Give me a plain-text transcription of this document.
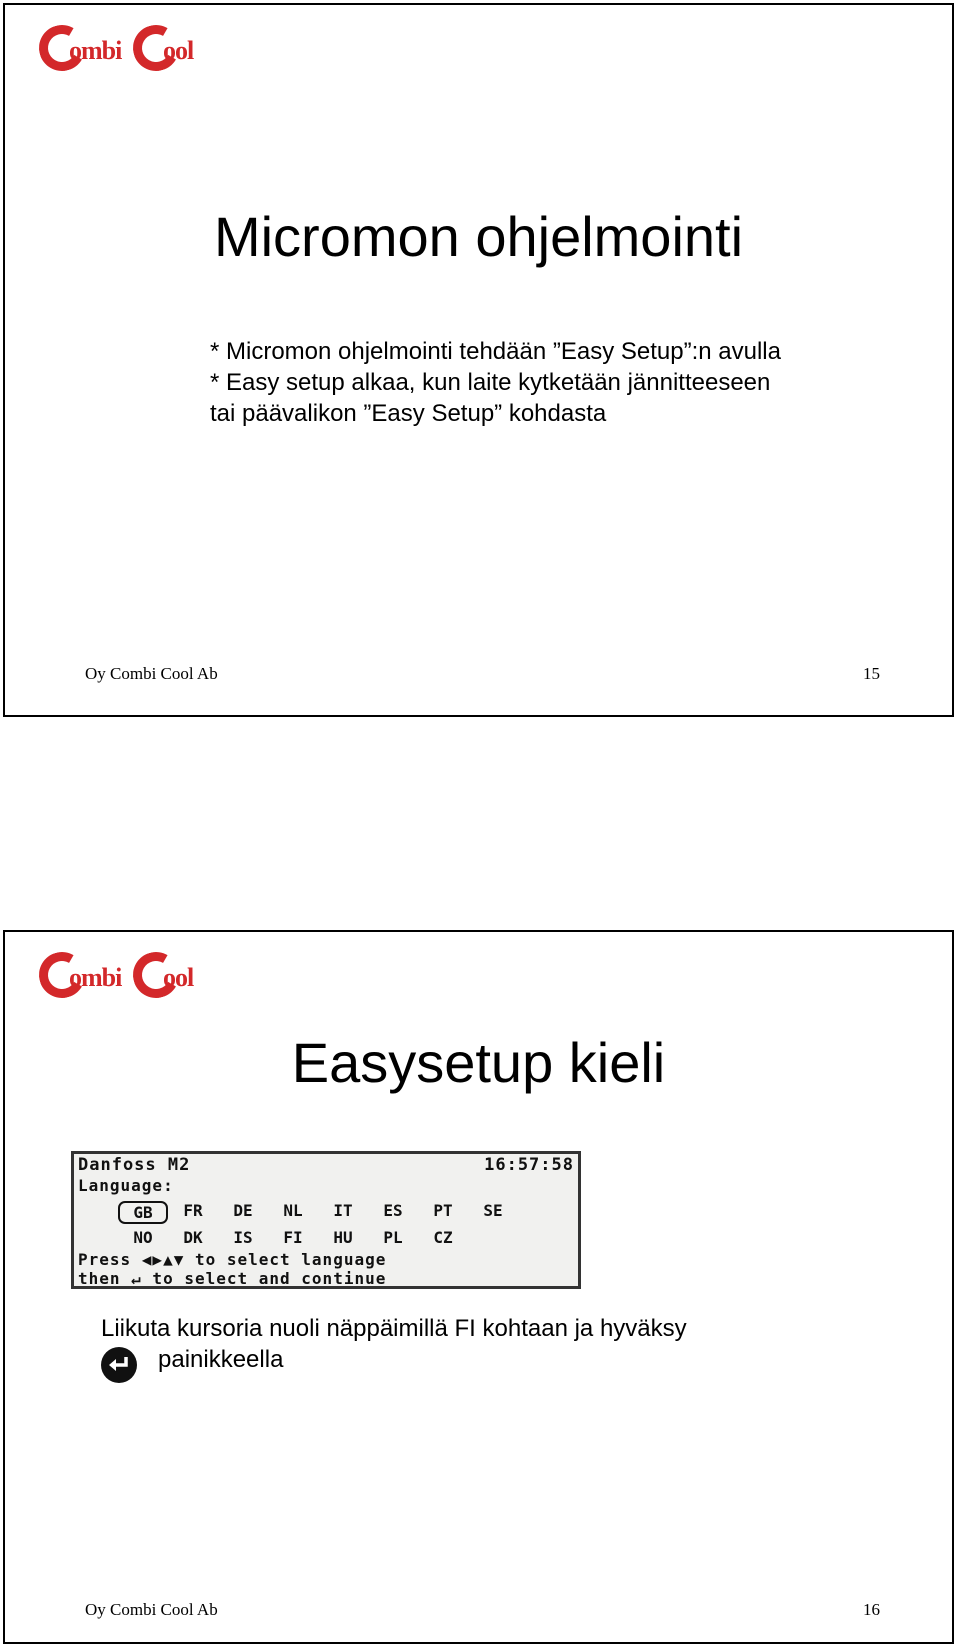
ombi ool
Micromon ohjelmointi
* Micromon ohjelmointi tehdään ”Easy Setup”:n avulla
* Easy setup alkaa, kun laite kytketään jännitteeseen
tai päävalikon ”Easy Setup” kohdasta
Oy Combi Cool Ab	15
ombi ool
Easysetup kieli
Danfoss M2	16:57:58
Language:
GB	FR	DE	NL	IT	ES	PT	SE
NO	DK	IS	FI	HU	PL	CZ
Press ◀▶▲▼ to select language
then ↵ to select and continue
Liikuta kursoria nuoli näppäimillä FI kohtaan ja hyväksy
painikkeella
Oy Combi Cool Ab	16
